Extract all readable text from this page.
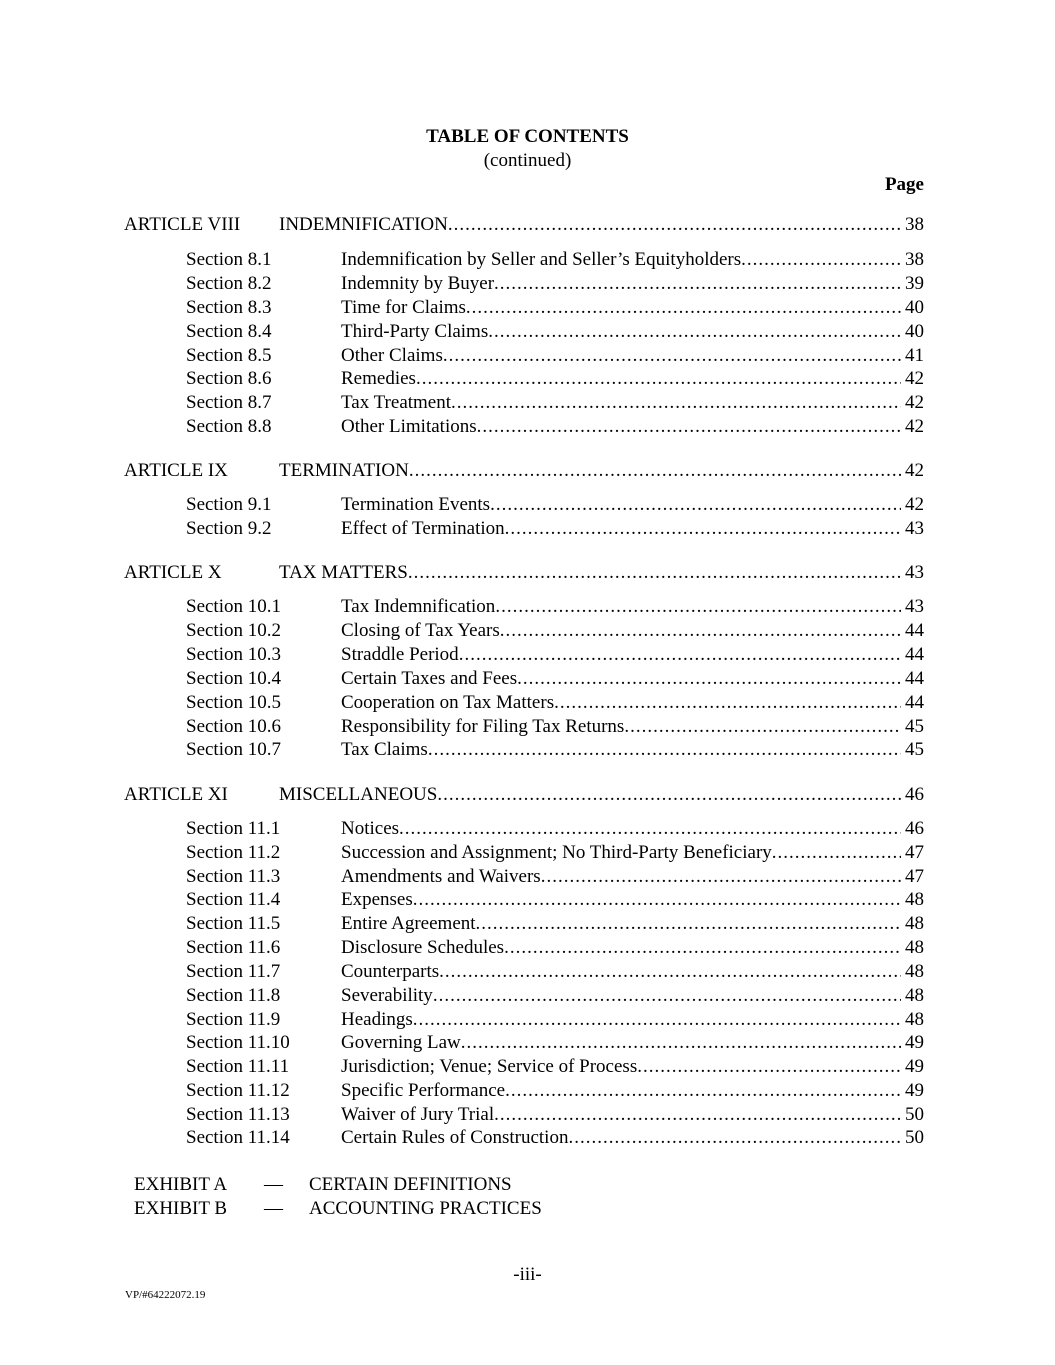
TABLE OF CONTENTS
(continued)
Page
ARTICLE VIII INDEMNIFICATION .....	38
Section 8.1	Indemnification by Seller and Seller’s Equityholders .....	38
Section 8.2	Indemnity by Buyer .....	39
Section 8.3	Time for Claims .....	40
Section 8.4	Third-Party Claims .....	40
Section 8.5	Other Claims .....	41
Section 8.6	Remedies .....	42
Section 8.7	Tax Treatment .....	42
Section 8.8	Other Limitations .....	42
ARTICLE IX	TERMINATION .....	42
Section 9.1	Termination Events .....	42
Section 9.2	Effect of Termination .....	43
ARTICLE X	TAX MATTERS .....	43
Section 10.1	Tax Indemnification .....	43
Section 10.2	Closing of Tax Years .....	44
Section 10.3	Straddle Period .....	44
Section 10.4	Certain Taxes and Fees .....	44
Section 10.5	Cooperation on Tax Matters .....	44
Section 10.6	Responsibility for Filing Tax Returns .....	45
Section 10.7	Tax Claims .....	45
ARTICLE XI	MISCELLANEOUS .....	46
Section 11.1	Notices .....	46
Section 11.2	Succession and Assignment; No Third-Party Beneficiary .....	47
Section 11.3	Amendments and Waivers .....	47
Section 11.4	Expenses .....	48
Section 11.5	Entire Agreement .....	48
Section 11.6	Disclosure Schedules .....	48
Section 11.7	Counterparts .....	48
Section 11.8	Severability .....	48
Section 11.9	Headings .....	48
Section 11.10	Governing Law .....	49
Section 11.11	Jurisdiction; Venue; Service of Process .....	49
Section 11.12	Specific Performance .....	49
Section 11.13	Waiver of Jury Trial .....	50
Section 11.14	Certain Rules of Construction .....	50
EXHIBIT A — CERTAIN DEFINITIONS
EXHIBIT B — ACCOUNTING PRACTICES
-iii-
VP/#64222072.19
